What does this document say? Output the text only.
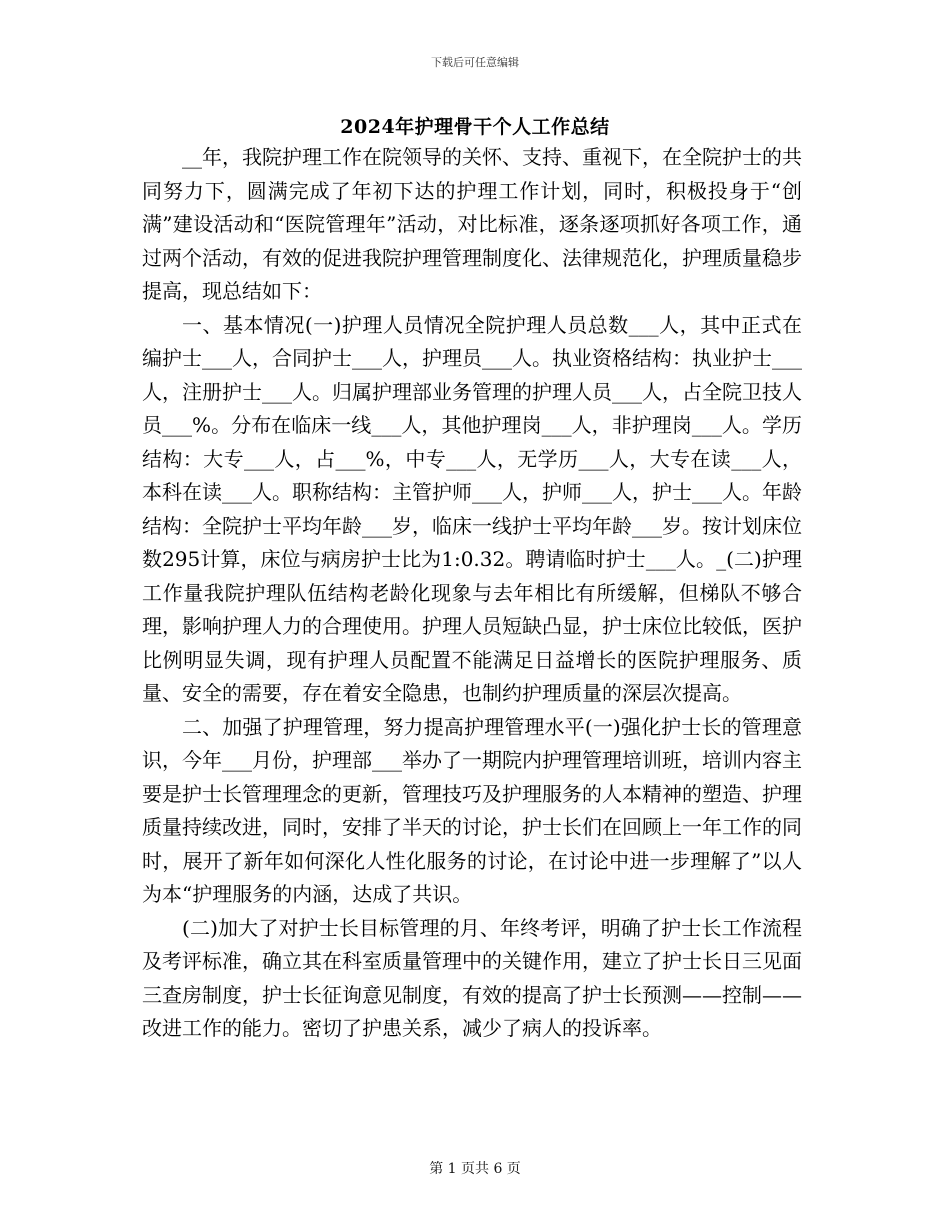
下载后可任意编辑
2024年护理骨干个人工作总结

__年，我院护理工作在院领导的关怀、支持、重视下，在全院护士的共同努力下，圆满完成了年初下达的护理工作计划，同时，积极投身于“创满”建设活动和“医院管理年”活动，对比标准，逐条逐项抓好各项工作，通过两个活动，有效的促进我院护理管理制度化、法律规范化，护理质量稳步提高，现总结如下：

一、基本情况(一)护理人员情况全院护理人员总数___人，其中正式在编护士___人，合同护士___人，护理员___人。执业资格结构：执业护士___人，注册护士___人。归属护理部业务管理的护理人员___人，占全院卫技人员___%。分布在临床一线___人，其他护理岗___人，非护理岗___人。学历结构：大专___人，占___%，中专___人，无学历___人，大专在读___人，本科在读___人。职称结构：主管护师___人，护师___人，护士___人。年龄结构：全院护士平均年龄___岁，临床一线护士平均年龄___岁。按计划床位数295计算，床位与病房护士比为1:0.32。聘请临时护士___人。_(二)护理工作量我院护理队伍结构老龄化现象与去年相比有所缓解，但梯队不够合理，影响护理人力的合理使用。护理人员短缺凸显，护士床位比较低，医护比例明显失调，现有护理人员配置不能满足日益增长的医院护理服务、质量、安全的需要，存在着安全隐患，也制约护理质量的深层次提高。

二、加强了护理管理，努力提高护理管理水平(一)强化护士长的管理意识，今年___月份，护理部___举办了一期院内护理管理培训班，培训内容主要是护士长管理理念的更新，管理技巧及护理服务的人本精神的塑造、护理质量持续改进，同时，安排了半天的讨论，护士长们在回顾上一年工作的同时，展开了新年如何深化人性化服务的讨论，在讨论中进一步理解了”以人为本“护理服务的内涵，达成了共识。

(二)加大了对护士长目标管理的月、年终考评，明确了护士长工作流程及考评标准，确立其在科室质量管理中的关键作用，建立了护士长日三见面三查房制度，护士长征询意见制度，有效的提高了护士长预测——控制——改进工作的能力。密切了护患关系，减少了病人的投诉率。

第 1 页共 6 页
